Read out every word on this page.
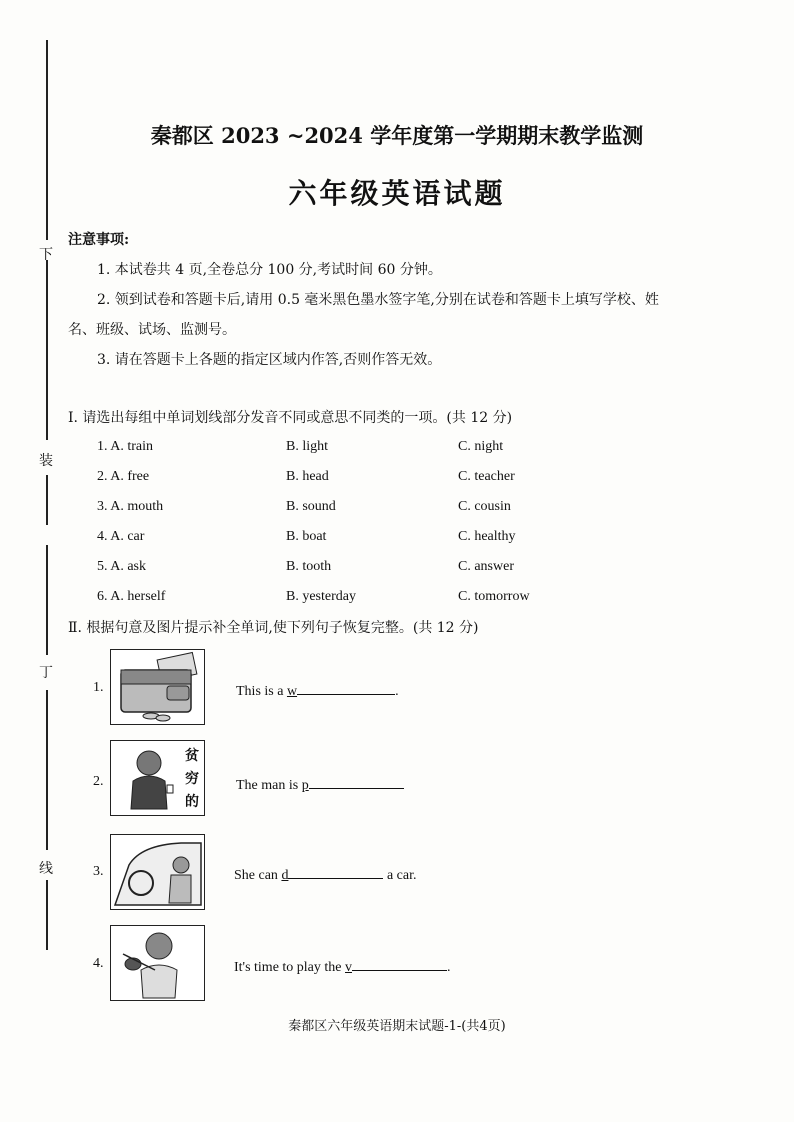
下
装
丁
线
秦都区 2023 ~2024 学年度第一学期期末教学监测
六年级英语试题
注意事项:
1. 本试卷共 4 页,全卷总分 100 分,考试时间 60 分钟。
2. 领到试卷和答题卡后,请用 0.5 毫米黑色墨水签字笔,分别在试卷和答题卡上填写学校、姓
名、班级、试场、监测号。
3. 请在答题卡上各题的指定区域内作答,否则作答无效。
Ⅰ. 请选出每组中单词划线部分发音不同或意思不同类的一项。(共 12 分)
1. A. train	B. light	C. night
2. A. free	B. head	C. teacher
3. A. mouth	B. sound	C. cousin
4. A. car	B. boat	C. healthy
5. A. ask	B. tooth	C. answer
6. A. herself	B. yesterday	C. tomorrow
Ⅱ. 根据句意及图片提示补全单词,使下列句子恢复完整。(共 12 分)
1.	This is a w	.
2.
贫
穷
的
The man is p
3.	She can d	a car.
4.	It's time to play the v	.
秦都区六年级英语期末试题-1-(共4页)
